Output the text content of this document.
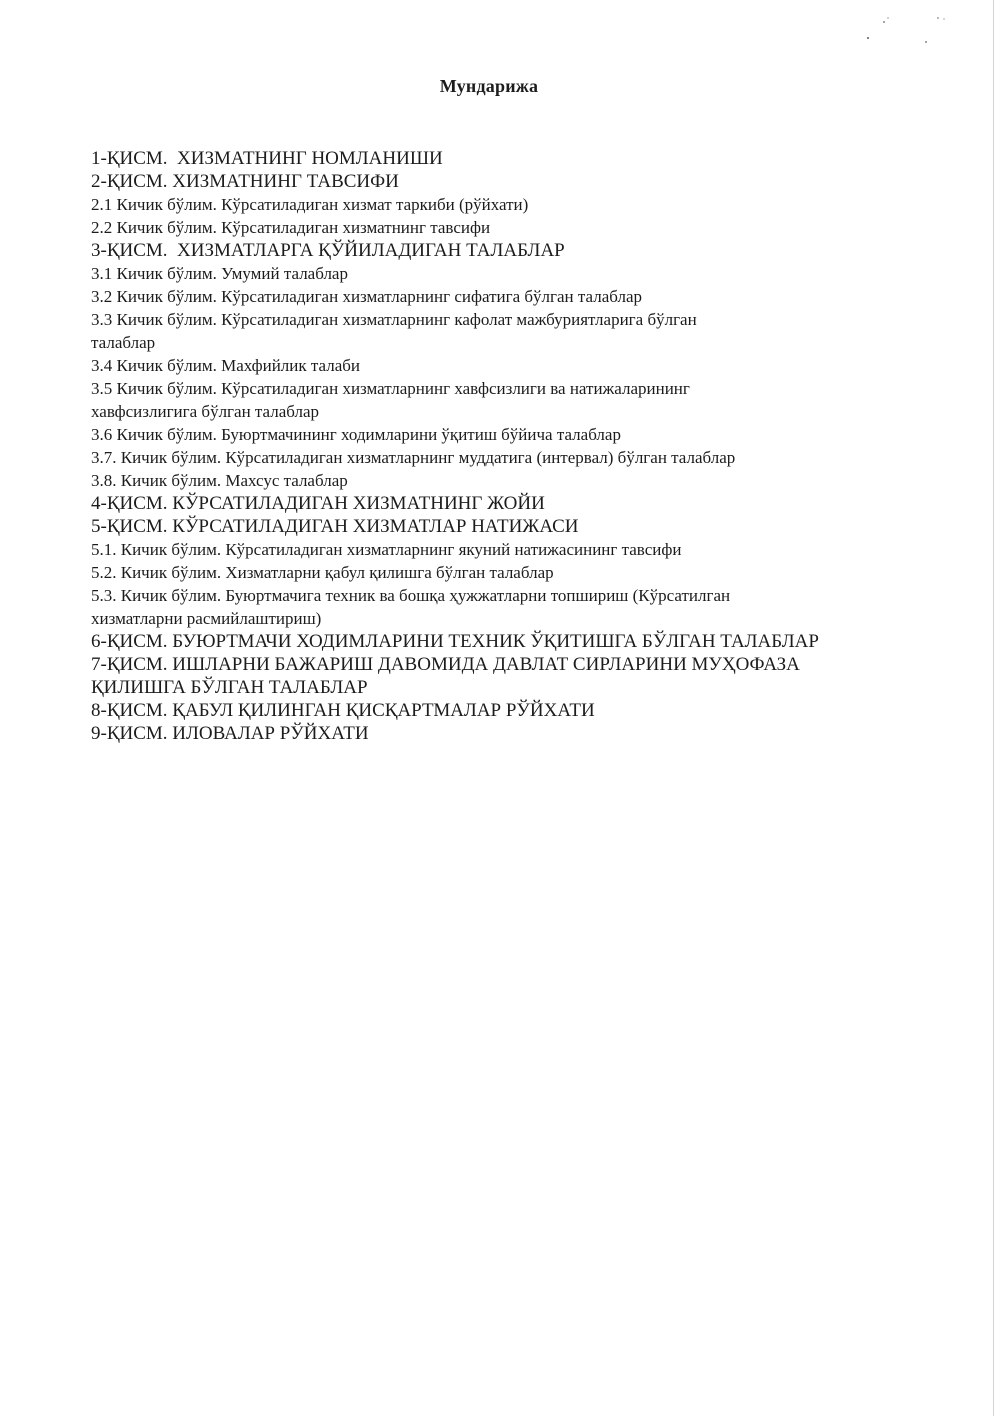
Мундарижа
1-ҚИСМ.  ХИЗМАТНИНГ НОМЛАНИШИ
2-ҚИСМ. ХИЗМАТНИНГ ТАВСИФИ
2.1 Кичик бўлим. Кўрсатиладиган хизмат таркиби (рўйхати)
2.2 Кичик бўлим. Кўрсатиладиган хизматнинг тавсифи
3-ҚИСМ.  ХИЗМАТЛАРГА ҚЎЙИЛАДИГАН ТАЛАБЛАР
3.1 Кичик бўлим. Умумий талаблар
3.2 Кичик бўлим. Кўрсатиладиган хизматларнинг сифатига бўлган талаблар
3.3 Кичик бўлим. Кўрсатиладиган хизматларнинг кафолат мажбуриятларига бўлган
талаблар
3.4 Кичик бўлим. Махфийлик талаби
3.5 Кичик бўлим. Кўрсатиладиган хизматларнинг хавфсизлиги ва натижаларининг
хавфсизлигига бўлган талаблар
3.6 Кичик бўлим. Буюртмачининг ходимларини ўқитиш бўйича талаблар
3.7. Кичик бўлим. Кўрсатиладиган хизматларнинг муддатига (интервал) бўлган талаблар
3.8. Кичик бўлим. Махсус талаблар
4-ҚИСМ. КЎРСАТИЛАДИГАН ХИЗМАТНИНГ ЖОЙИ
5-ҚИСМ. КЎРСАТИЛАДИГАН ХИЗМАТЛАР НАТИЖАСИ
5.1. Кичик бўлим. Кўрсатиладиган хизматларнинг якуний натижасининг тавсифи
5.2. Кичик бўлим. Хизматларни қабул қилишга бўлган талаблар
5.3. Кичик бўлим. Буюртмачига техник ва бошқа ҳужжатларни топшириш (Кўрсатилган
хизматларни расмийлаштириш)
6-ҚИСМ. БУЮРТМАЧИ ХОДИМЛАРИНИ ТЕХНИК ЎҚИТИШГА БЎЛГАН ТАЛАБЛАР
7-ҚИСМ. ИШЛАРНИ БАЖАРИШ ДАВОМИДА ДАВЛАТ СИРЛАРИНИ МУҲОФАЗА
ҚИЛИШГА БЎЛГАН ТАЛАБЛАР
8-ҚИСМ. ҚАБУЛ ҚИЛИНГАН ҚИСҚАРТМАЛАР РЎЙХАТИ
9-ҚИСМ. ИЛОВАЛАР РЎЙХАТИ
